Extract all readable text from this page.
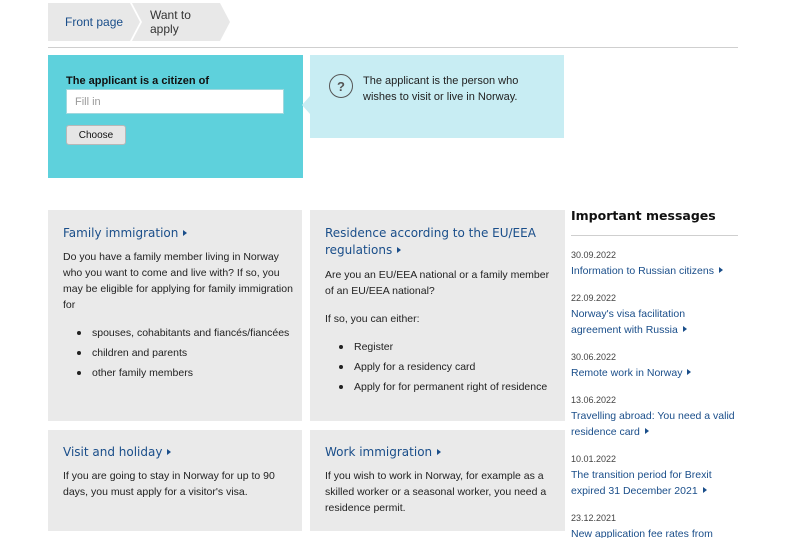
Front page	Want to apply
The applicant is a citizen of
Fill in
Choose
?	The applicant is the person who wishes to visit or live in Norway.
Family immigration
Do you have a family member living in Norway who you want to come and live with? If so, you may be eligible for applying for family immigration for
spouses, cohabitants and fiancés/fiancées
children and parents
other family members
Residence according to the EU/EEA regulations
Are you an EU/EEA national or a family member of an EU/EEA national?
If so, you can either:
Register
Apply for a residency card
Apply for for permanent right of residence
Visit and holiday
If you are going to stay in Norway for up to 90 days, you must apply for a visitor's visa.
Work immigration
If you wish to work in Norway, for example as a skilled worker or a seasonal worker, you need a residence permit.
Important messages
30.09.2022
Information to Russian citizens
22.09.2022
Norway's visa facilitation agreement with Russia
30.06.2022
Remote work in Norway
13.06.2022
Travelling abroad: You need a valid residence card
10.01.2022
The transition period for Brexit expired 31 December 2021
23.12.2021
New application fee rates from
